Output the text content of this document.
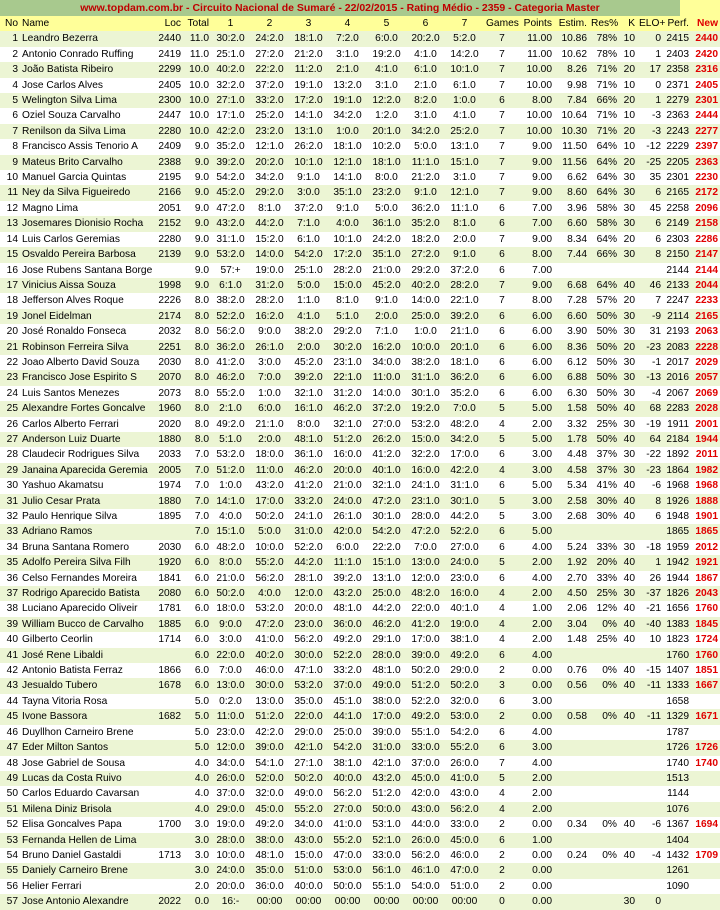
www.topdam.com.br - Circuito Nacional de Sumaré - 22/02/2015 - Rating Médio - 2359 - Categoria Master
No	Name	Loc	Total	1	2	3	4	5	6	7	Games	Points	Estim.	Res%	K	ELO+	Perf.	New
1	Leandro Bezerra	2440	11.0	30:2.0	24:2.0	18:1.0	7:2.0	6:0.0	20:2.0	5:2.0	7	11.00	10.86	78%	10	0	2415	2440
2	Antonio Conrado Ruffing	2419	11.0	25:1.0	27:2.0	21:2.0	3:1.0	19:2.0	4:1.0	14:2.0	7	11.00	10.62	78%	10	1	2403	2420
3	João Batista Ribeiro	2299	10.0	40:2.0	22:2.0	11:2.0	2:1.0	4:1.0	6:1.0	10:1.0	7	10.00	8.26	71%	20	17	2358	2316
4	Jose Carlos Alves	2405	10.0	32:2.0	37:2.0	19:1.0	13:2.0	3:1.0	2:1.0	6:1.0	7	10.00	9.98	71%	10	0	2371	2405
5	Welington Silva Lima	2300	10.0	27:1.0	33:2.0	17:2.0	19:1.0	12:2.0	8:2.0	1:0.0	6	8.00	7.84	66%	20	1	2279	2301
6	Oziel Souza Carvalho	2447	10.0	17:1.0	25:2.0	14:1.0	34:2.0	1:2.0	3:1.0	4:1.0	7	10.00	10.64	71%	10	-3	2363	2444
7	Renilson da Silva Lima	2280	10.0	42:2.0	23:2.0	13:1.0	1:0.0	20:1.0	34:2.0	25:2.0	7	10.00	10.30	71%	20	-3	2243	2277
8	Francisco Assis Tenorio A	2409	9.0	35:2.0	12:1.0	26:2.0	18:1.0	10:2.0	5:0.0	13:1.0	7	9.00	11.50	64%	10	-12	2229	2397
9	Mateus Brito Carvalho	2388	9.0	39:2.0	20:2.0	10:1.0	12:1.0	18:1.0	11:1.0	15:1.0	7	9.00	11.56	64%	20	-25	2205	2363
10	Manuel Garcia Quintas	2195	9.0	54:2.0	34:2.0	9:1.0	14:1.0	8:0.0	21:2.0	3:1.0	7	9.00	6.62	64%	30	35	2301	2230
11	Ney da Silva Figueiredo	2166	9.0	45:2.0	29:2.0	3:0.0	35:1.0	23:2.0	9:1.0	12:1.0	7	9.00	8.60	64%	30	6	2165	2172
12	Magno Lima	2051	9.0	47:2.0	8:1.0	37:2.0	9:1.0	5:0.0	36:2.0	11:1.0	6	7.00	3.96	58%	30	45	2258	2096
13	Josemares Dionisio Rocha	2152	9.0	43:2.0	44:2.0	7:1.0	4:0.0	36:1.0	35:2.0	8:1.0	6	7.00	6.60	58%	30	6	2149	2158
14	Luis Carlos Geremias	2280	9.0	31:1.0	15:2.0	6:1.0	10:1.0	24:2.0	18:2.0	2:0.0	7	9.00	8.34	64%	20	6	2303	2286
15	Osvaldo Pereira Barbosa	2139	9.0	53:2.0	14:0.0	54:2.0	17:2.0	35:1.0	27:2.0	9:1.0	6	8.00	7.44	66%	30	8	2150	2147
16	Jose Rubens Santana Borge		9.0	57:+	19:0.0	25:1.0	28:2.0	21:0.0	29:2.0	37:2.0	6	7.00					2144	2144
17	Vinicius Aissa Souza	1998	9.0	6:1.0	31:2.0	5:0.0	15:0.0	45:2.0	40:2.0	28:2.0	7	9.00	6.68	64%	40	46	2133	2044
18	Jefferson Alves Roque	2226	8.0	38:2.0	28:2.0	1:1.0	8:1.0	9:1.0	14:0.0	22:1.0	7	8.00	7.28	57%	20	7	2247	2233
19	Jonel Eidelman	2174	8.0	52:2.0	16:2.0	4:1.0	5:1.0	2:0.0	25:0.0	39:2.0	6	6.00	6.60	50%	30	-9	2114	2165
20	José Ronaldo Fonseca	2032	8.0	56:2.0	9:0.0	38:2.0	29:2.0	7:1.0	1:0.0	21:1.0	6	6.00	3.90	50%	30	31	2193	2063
21	Robinson Ferreira Silva	2251	8.0	36:2.0	26:1.0	2:0.0	30:2.0	16:2.0	10:0.0	20:1.0	6	6.00	8.36	50%	20	-23	2083	2228
22	Joao Alberto David Souza	2030	8.0	41:2.0	3:0.0	45:2.0	23:1.0	34:0.0	38:2.0	18:1.0	6	6.00	6.12	50%	30	-1	2017	2029
23	Francisco Jose Espirito S	2070	8.0	46:2.0	7:0.0	39:2.0	22:1.0	11:0.0	31:1.0	36:2.0	6	6.00	6.88	50%	30	-13	2016	2057
24	Luis Santos Menezes	2073	8.0	55:2.0	1:0.0	32:1.0	31:2.0	14:0.0	30:1.0	35:2.0	6	6.00	6.30	50%	30	-4	2067	2069
25	Alexandre Fortes Goncalve	1960	8.0	2:1.0	6:0.0	16:1.0	46:2.0	37:2.0	19:2.0	7:0.0	5	5.00	1.58	50%	40	68	2283	2028
26	Carlos Alberto Ferrari	2020	8.0	49:2.0	21:1.0	8:0.0	32:1.0	27:0.0	53:2.0	48:2.0	4	2.00	3.32	25%	30	-19	1911	2001
27	Anderson Luiz Duarte	1880	8.0	5:1.0	2:0.0	48:1.0	51:2.0	26:2.0	15:0.0	34:2.0	5	5.00	1.78	50%	40	64	2184	1944
28	Claudecir Rodrigues Silva	2033	7.0	53:2.0	18:0.0	36:1.0	16:0.0	41:2.0	32:2.0	17:0.0	6	3.00	4.48	37%	30	-22	1892	2011
29	Janaina Aparecida Geremia	2005	7.0	51:2.0	11:0.0	46:2.0	20:0.0	40:1.0	16:0.0	42:2.0	4	3.00	4.58	37%	30	-23	1864	1982
30	Yashuo Akamatsu	1974	7.0	1:0.0	43:2.0	41:2.0	21:0.0	32:1.0	24:1.0	31:1.0	6	5.00	5.34	41%	40	-6	1968	1968
31	Julio Cesar Prata	1880	7.0	14:1.0	17:0.0	33:2.0	24:0.0	47:2.0	23:1.0	30:1.0	5	3.00	2.58	30%	40	8	1926	1888
32	Paulo Henrique Silva	1895	7.0	4:0.0	50:2.0	24:1.0	26:1.0	30:1.0	28:0.0	44:2.0	5	3.00	2.68	30%	40	6	1948	1901
33	Adriano Ramos		7.0	15:1.0	5:0.0	31:0.0	42:0.0	54:2.0	47:2.0	52:2.0	6	5.00					1865	1865
34	Bruna Santana Romero	2030	6.0	48:2.0	10:0.0	52:2.0	6:0.0	22:2.0	7:0.0	27:0.0	6	4.00	5.24	33%	30	-18	1959	2012
35	Adolfo Pereira Silva Filh	1920	6.0	8:0.0	55:2.0	44:2.0	11:1.0	15:1.0	13:0.0	24:0.0	5	2.00	1.92	20%	40	1	1942	1921
36	Celso Fernandes Moreira	1841	6.0	21:0.0	56:2.0	28:1.0	39:2.0	13:1.0	12:0.0	23:0.0	6	4.00	2.70	33%	40	26	1944	1867
37	Rodrigo Aparecido Batista	2080	6.0	50:2.0	4:0.0	12:0.0	43:2.0	25:0.0	48:2.0	16:0.0	4	2.00	4.50	25%	30	-37	1826	2043
38	Luciano Aparecido Oliveir	1781	6.0	18:0.0	53:2.0	20:0.0	48:1.0	44:2.0	22:0.0	40:1.0	4	1.00	2.06	12%	40	-21	1656	1760
39	William Bucco de Carvalho	1885	6.0	9:0.0	47:2.0	23:0.0	36:0.0	46:2.0	41:2.0	19:0.0	4	2.00	3.04	0%	40	-40	1383	1845
40	Gilberto Ceorlin	1714	6.0	3:0.0	41:0.0	56:2.0	49:2.0	29:1.0	17:0.0	38:1.0	4	2.00	1.48	25%	40	10	1823	1724
41	José Rene Libaldi		6.0	22:0.0	40:2.0	30:0.0	52:2.0	28:0.0	39:0.0	49:2.0	6	4.00					1760	1760
42	Antonio Batista Ferraz	1866	6.0	7:0.0	46:0.0	47:1.0	33:2.0	48:1.0	50:2.0	29:0.0	2	0.00	0.76	0%	40	-15	1407	1851
43	Jesualdo Tubero	1678	6.0	13:0.0	30:0.0	53:2.0	37:0.0	49:0.0	51:2.0	50:2.0	3	0.00	0.56	0%	40	-11	1333	1667
44	Tayna Vitoria Rosa		5.0	0:2.0	13:0.0	35:0.0	45:1.0	38:0.0	52:2.0	32:0.0	6	3.00					1658	
45	Ivone Bassora	1682	5.0	11:0.0	51:2.0	22:0.0	44:1.0	17:0.0	49:2.0	53:0.0	2	0.00	0.58	0%	40	-11	1329	1671
46	Duyllhon Carneiro Brene		5.0	23:0.0	42:2.0	29:0.0	25:0.0	39:0.0	55:1.0	54:2.0	6	4.00					1787	
47	Eder Milton Santos		5.0	12:0.0	39:0.0	42:1.0	54:2.0	31:0.0	33:0.0	55:2.0	6	3.00					1726	1726
48	Jose Gabriel de Sousa		4.0	34:0.0	54:1.0	27:1.0	38:1.0	42:1.0	37:0.0	26:0.0	7	4.00					1740	1740
49	Lucas da Costa Ruivo		4.0	26:0.0	52:0.0	50:2.0	40:0.0	43:2.0	45:0.0	41:0.0	5	2.00					1513	
50	Carlos Eduardo Cavarsan		4.0	37:0.0	32:0.0	49:0.0	56:2.0	51:2.0	42:0.0	43:0.0	4	2.00					1144	
51	Milena Diniz Brisola		4.0	29:0.0	45:0.0	55:2.0	27:0.0	50:0.0	43:0.0	56:2.0	4	2.00					1076	
52	Elisa Goncalves Papa	1700	3.0	19:0.0	49:2.0	34:0.0	41:0.0	53:1.0	44:0.0	33:0.0	2	0.00	0.34	0%	40	-6	1367	1694
53	Fernanda Hellen de Lima		3.0	28:0.0	38:0.0	43:0.0	55:2.0	52:1.0	26:0.0	45:0.0	6	1.00					1404	
54	Bruno Daniel Gastaldi	1713	3.0	10:0.0	48:1.0	15:0.0	47:0.0	33:0.0	56:2.0	46:0.0	2	0.00	0.24	0%	40	-4	1432	1709
55	Daniely Carneiro Brene		3.0	24:0.0	35:0.0	51:0.0	53:0.0	56:1.0	46:1.0	47:0.0	2	0.00					1261	
56	Helier Ferrari		2.0	20:0.0	36:0.0	40:0.0	50:0.0	55:1.0	54:0.0	51:0.0	2	0.00					1090	
57	Jose Antonio Alexandre	2022	0.0	16:-	00:00	00:00	00:00	00:00	00:00	00:00	0	0.00			30	0		
